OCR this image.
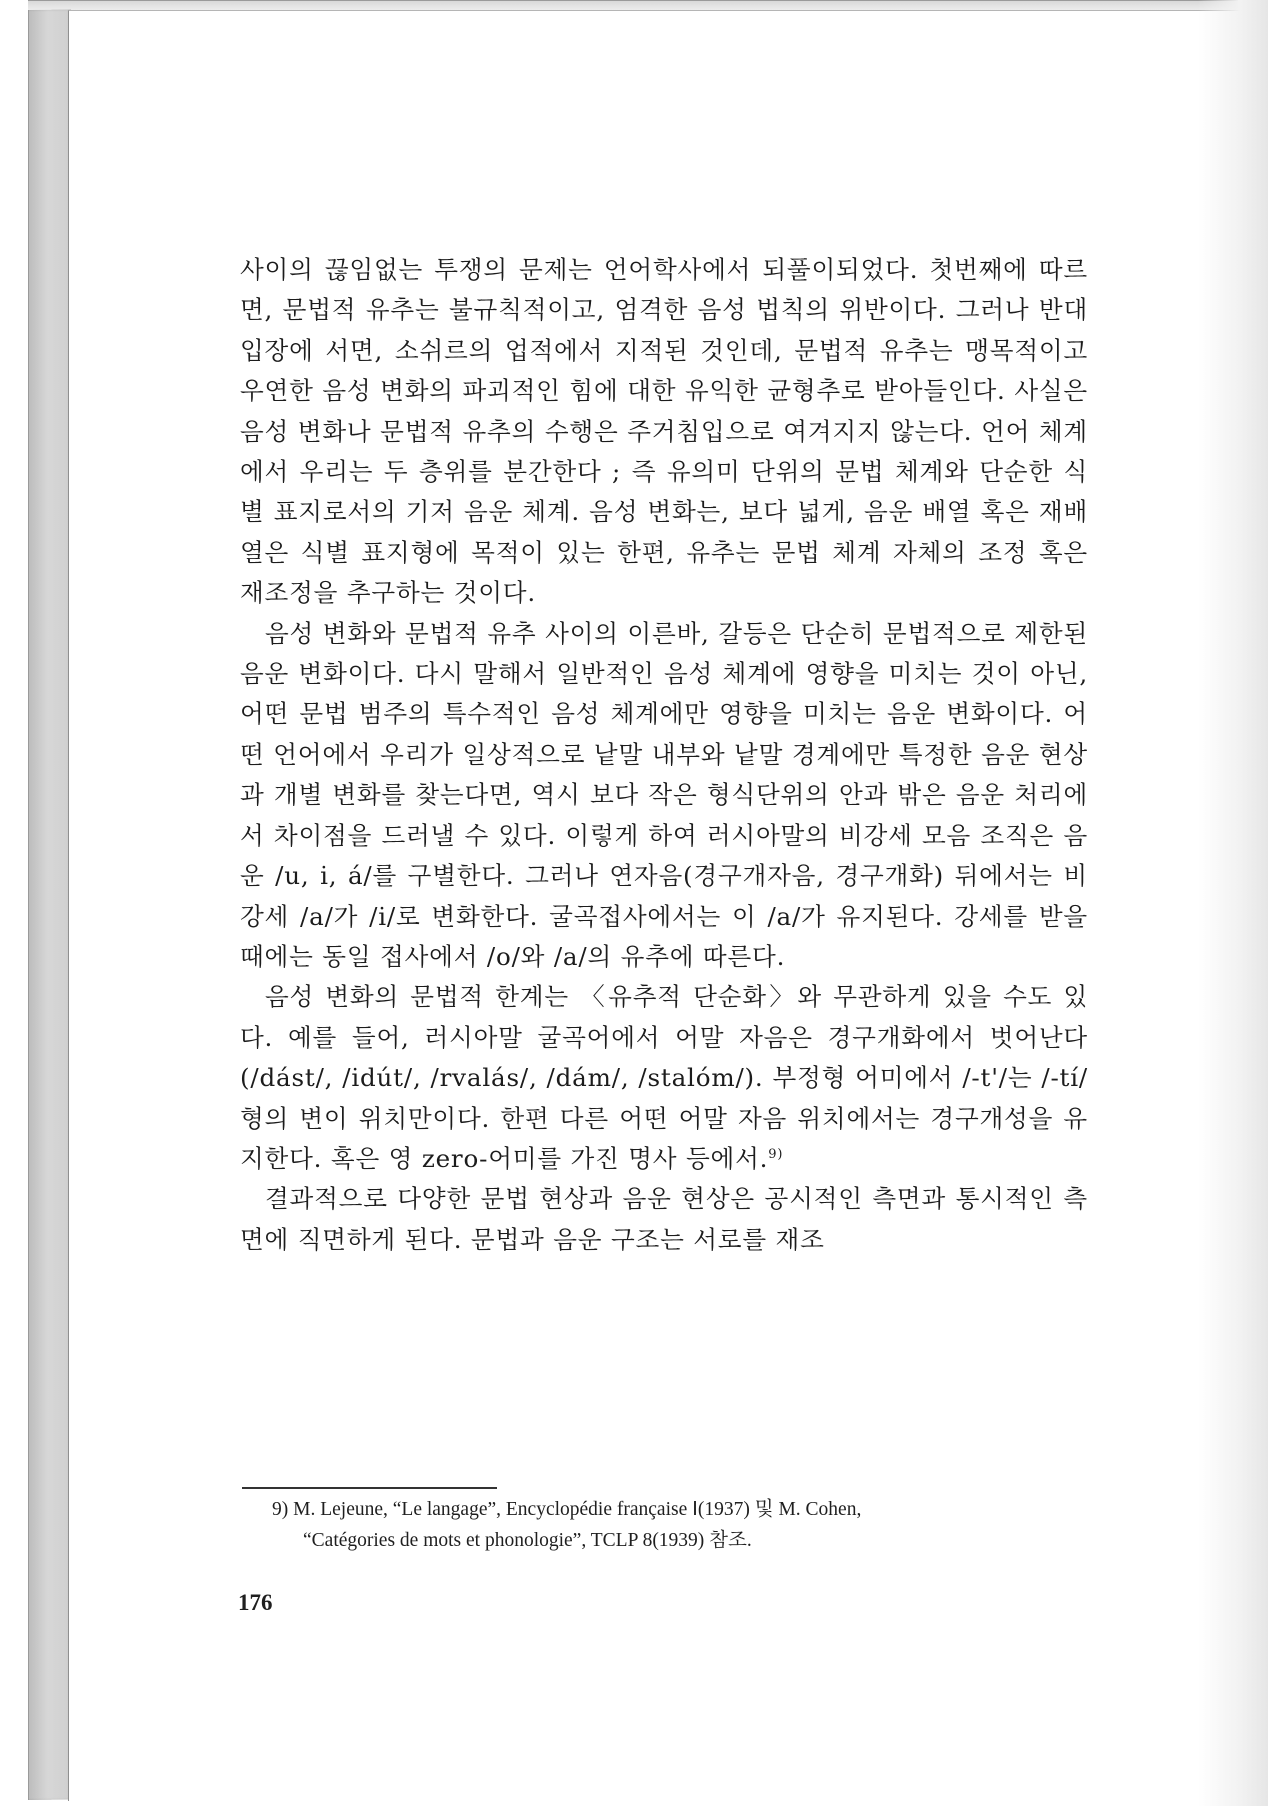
사이의 끊임없는 투쟁의 문제는 언어학사에서 되풀이되었다. 첫번째에 따르면, 문법적 유추는 불규칙적이고, 엄격한 음성 법칙의 위반이다. 그러나 반대 입장에 서면, 소쉬르의 업적에서 지적된 것인데, 문법적 유추는 맹목적이고 우연한 음성 변화의 파괴적인 힘에 대한 유익한 균형추로 받아들인다. 사실은 음성 변화나 문법적 유추의 수행은 주거침입으로 여겨지지 않는다. 언어 체계에서 우리는 두 층위를 분간한다 ; 즉 유의미 단위의 문법 체계와 단순한 식별 표지로서의 기저 음운 체계. 음성 변화는, 보다 넓게, 음운 배열 혹은 재배열은 식별 표지형에 목적이 있는 한편, 유추는 문법 체계 자체의 조정 혹은 재조정을 추구하는 것이다.

음성 변화와 문법적 유추 사이의 이른바, 갈등은 단순히 문법적으로 제한된 음운 변화이다. 다시 말해서 일반적인 음성 체계에 영향을 미치는 것이 아닌, 어떤 문법 범주의 특수적인 음성 체계에만 영향을 미치는 음운 변화이다. 어떤 언어에서 우리가 일상적으로 낱말 내부와 낱말 경계에만 특정한 음운 현상과 개별 변화를 찾는다면, 역시 보다 작은 형식단위의 안과 밖은 음운 처리에서 차이점을 드러낼 수 있다. 이렇게 하여 러시아말의 비강세 모음 조직은 음운 /u, i, á/를 구별한다. 그러나 연자음(경구개자음, 경구개화) 뒤에서는 비강세 /a/가 /i/로 변화한다. 굴곡접사에서는 이 /a/가 유지된다. 강세를 받을 때에는 동일 접사에서 /o/와 /a/의 유추에 따른다.

음성 변화의 문법적 한계는 〈유추적 단순화〉와 무관하게 있을 수도 있다. 예를 들어, 러시아말 굴곡어에서 어말 자음은 경구개화에서 벗어난다(/dást/, /idút/, /rvalás/, /dám/, /stalóm/). 부정형 어미에서 /-t'/는 /-tí/형의 변이 위치만이다. 한편 다른 어떤 어말 자음 위치에서는 경구개성을 유지한다. 혹은 영 zero-어미를 가진 명사 등에서.$^{9)}$

결과적으로 다양한 문법 현상과 음운 현상은 공시적인 측면과 통시적인 측면에 직면하게 된다. 문법과 음운 구조는 서로를 재조

9) M. Lejeune, “Le langage”, Encyclopédie française Ⅰ(1937) 및 M. Cohen,
“Catégories de mots et phonologie”, TCLP 8(1939) 참조.
176
